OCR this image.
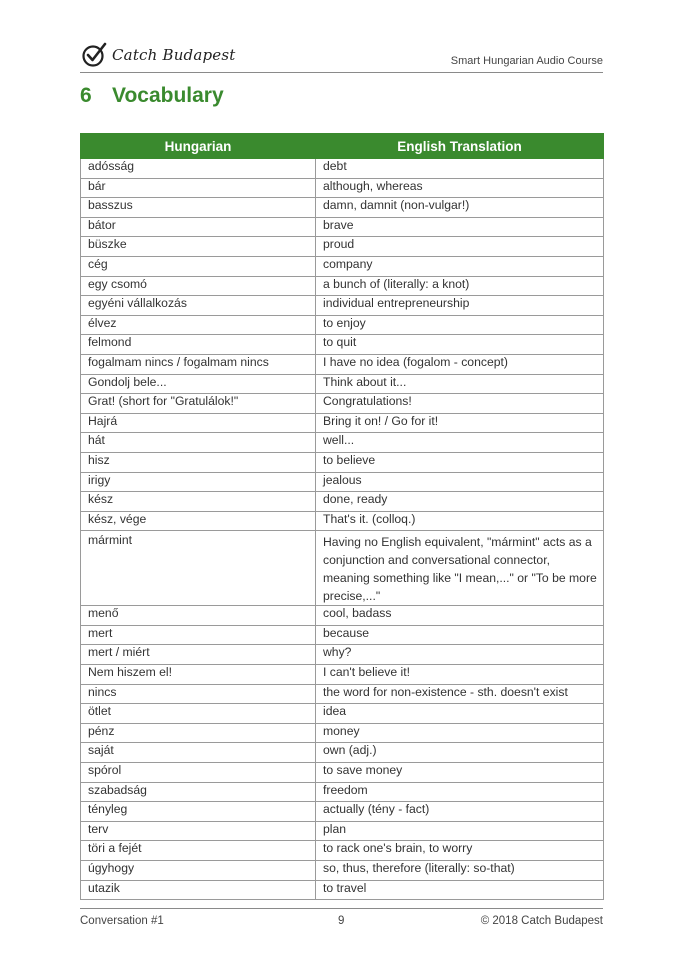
Catch Budapest	Smart Hungarian Audio Course
6 Vocabulary
Hungarian	English Translation
adósság	debt
bár	although, whereas
basszus	damn, damnit (non-vulgar!)
bátor	brave
büszke	proud
cég	company
egy csomó	a bunch of (literally: a knot)
egyéni vállalkozás	individual entrepreneurship
élvez	to enjoy
felmond	to quit
fogalmam nincs / fogalmam nincs	I have no idea (fogalom - concept)
Gondolj bele...	Think about it...
Grat! (short for "Gratulálok!"	Congratulations!
Hajrá	Bring it on! / Go for it!
hát	well...
hisz	to believe
irigy	jealous
kész	done, ready
kész, vége	That's it. (colloq.)
mármint	Having no English equivalent, "mármint" acts as a conjunction and conversational connector, meaning something like "I mean,..." or "To be more precise,..."
menő	cool, badass
mert	because
mert / miért	why?
Nem hiszem el!	I can't believe it!
nincs	the word for non-existence - sth. doesn't exist
ötlet	idea
pénz	money
saját	own (adj.)
spórol	to save money
szabadság	freedom
tényleg	actually (tény - fact)
terv	plan
töri a fejét	to rack one's brain, to worry
úgyhogy	so, thus, therefore (literally: so-that)
utazik	to travel
Conversation #1	9	© 2018 Catch Budapest
